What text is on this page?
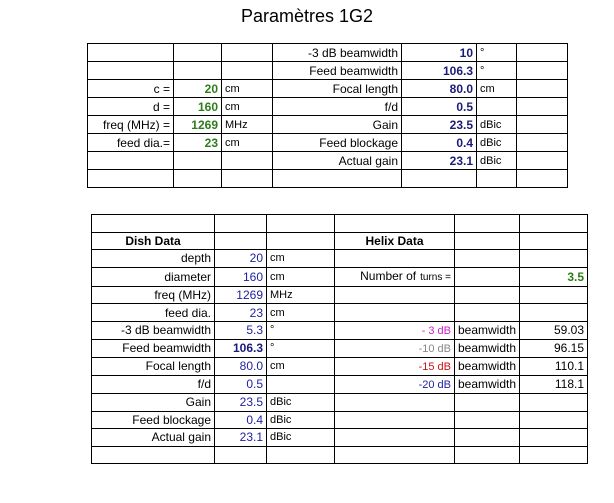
Paramètres 1G2
			-3 dB beamwidth	10	°	
			Feed beamwidth	106.3	°	
c =	20	cm	Focal length	80.0	cm	
d =	160	cm	f/d	0.5		
freq (MHz) =	1269	MHz	Gain	23.5	dBic	
feed dia.=	23	cm	Feed blockage	0.4	dBic	
			Actual gain	23.1	dBic	

Dish Data			Helix Data		
depth	20	cm			
diameter	160	cm	Number of turns =		3.5
freq (MHz)	1269	MHz			
feed dia.	23	cm			
-3 dB beamwidth	5.3	°	- 3 dB	beamwidth	59.03
Feed beamwidth	106.3	°	-10 dB	beamwidth	96.15
Focal length	80.0	cm	-15 dB	beamwidth	110.1
f/d	0.5		-20 dB	beamwidth	118.1
Gain	23.5	dBic			
Feed blockage	0.4	dBic			
Actual gain	23.1	dBic			
